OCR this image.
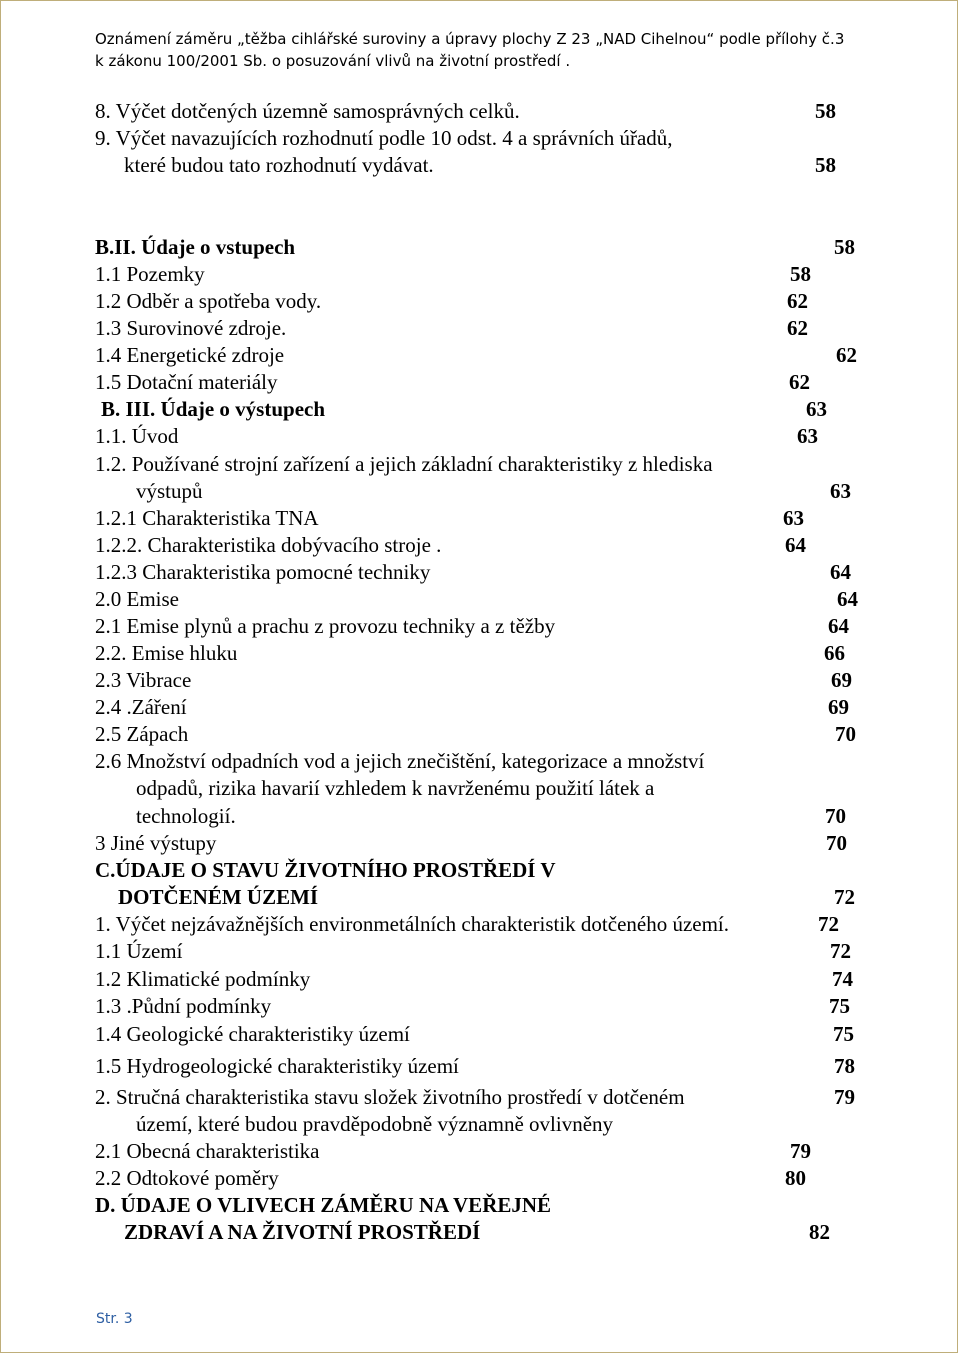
Oznámení záměru „těžba cihlářské suroviny a úpravy plochy Z 23 „NAD Cihelnou“ podle přílohy č.3
k zákonu 100/2001 Sb. o posuzování vlivů na životní prostředí .
8. Výčet dotčených územně samosprávných celků.	58
9. Výčet navazujících rozhodnutí podle 10 odst. 4 a správních úřadů,
které budou tato rozhodnutí vydávat.	58
B.II. Údaje o vstupech	58
1.1 Pozemky	58
1.2 Odběr a spotřeba vody.	62
1.3 Surovinové zdroje.	62
1.4 Energetické zdroje	62
1.5 Dotační materiály	62
B. III. Údaje o výstupech	63
1.1. Úvod	63
1.2. Používané strojní zařízení a jejich základní charakteristiky z hlediska
výstupů	63
1.2.1 Charakteristika TNA	63
1.2.2. Charakteristika dobývacího stroje .	64
1.2.3 Charakteristika pomocné techniky	64
2.0 Emise	64
2.1 Emise plynů a prachu z provozu techniky a z těžby	64
2.2. Emise hluku	66
2.3 Vibrace	69
2.4 .Záření	69
2.5 Zápach	70
2.6 Množství odpadních vod a jejich znečištění, kategorizace a množství
odpadů, rizika havarií vzhledem k navrženému použití látek a
technologií.	70
3 Jiné výstupy	70
C.ÚDAJE O STAVU ŽIVOTNÍHO PROSTŘEDÍ V
DOTČENÉM ÚZEMÍ	72
1. Výčet nejzávažnějších environmetálních charakteristik dotčeného území.	72
1.1 Území	72
1.2 Klimatické podmínky	74
1.3 .Půdní podmínky	75
1.4 Geologické charakteristiky území	75
1.5 Hydrogeologické charakteristiky území	78
2. Stručná charakteristika stavu složek životního prostředí v dotčeném	79
území, které budou pravděpodobně významně ovlivněny
2.1 Obecná charakteristika	79
2.2 Odtokové poměry	80
D. ÚDAJE O VLIVECH ZÁMĚRU NA VEŘEJNÉ
ZDRAVÍ A NA ŽIVOTNÍ PROSTŘEDÍ	82
Str. 3
